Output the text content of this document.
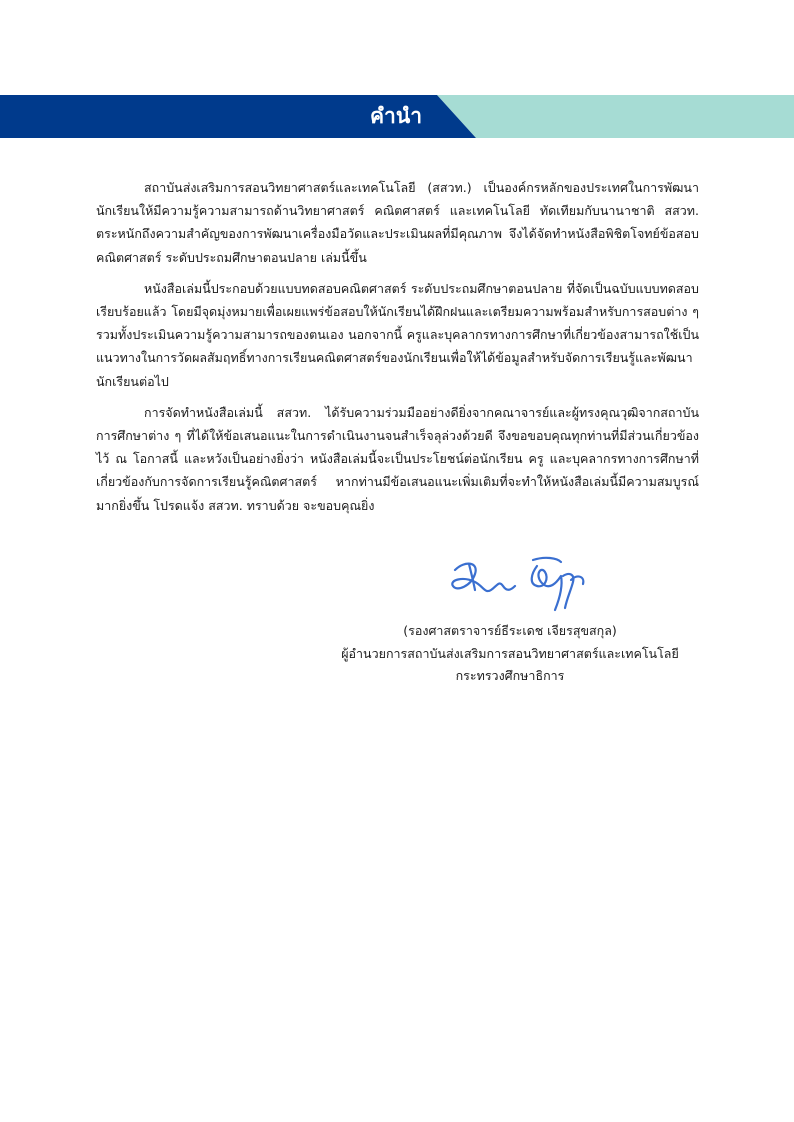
คำนำ

สถาบันส่งเสริมการสอนวิทยาศาสตร์และเทคโนโลยี (สสวท.) เป็นองค์กรหลักของประเทศในการพัฒนานักเรียนให้มีความรู้ความสามารถด้านวิทยาศาสตร์ คณิตศาสตร์ และเทคโนโลยี ทัดเทียมกับนานาชาติ สสวท. ตระหนักถึงความสำคัญของการพัฒนาเครื่องมือวัดและประเมินผลที่มีคุณภาพ จึงได้จัดทำหนังสือพิชิตโจทย์ข้อสอบคณิตศาสตร์ ระดับประถมศึกษาตอนปลาย เล่มนี้ขึ้น

หนังสือเล่มนี้ประกอบด้วยแบบทดสอบคณิตศาสตร์ ระดับประถมศึกษาตอนปลาย ที่จัดเป็นฉบับแบบทดสอบเรียบร้อยแล้ว โดยมีจุดมุ่งหมายเพื่อเผยแพร่ข้อสอบให้นักเรียนได้ฝึกฝนและเตรียมความพร้อมสำหรับการสอบต่าง ๆ รวมทั้งประเมินความรู้ความสามารถของตนเอง นอกจากนี้ ครูและบุคลากรทางการศึกษาที่เกี่ยวข้องสามารถใช้เป็นแนวทางในการวัดผลสัมฤทธิ์ทางการเรียนคณิตศาสตร์ของนักเรียนเพื่อให้ได้ข้อมูลสำหรับจัดการเรียนรู้และพัฒนานักเรียนต่อไป

การจัดทำหนังสือเล่มนี้ สสวท. ได้รับความร่วมมืออย่างดียิ่งจากคณาจารย์และผู้ทรงคุณวุฒิจากสถาบันการศึกษาต่าง ๆ ที่ได้ให้ข้อเสนอแนะในการดำเนินงานจนสำเร็จลุล่วงด้วยดี จึงขอขอบคุณทุกท่านที่มีส่วนเกี่ยวข้องไว้ ณ โอกาสนี้ และหวังเป็นอย่างยิ่งว่า หนังสือเล่มนี้จะเป็นประโยชน์ต่อนักเรียน ครู และบุคลากรทางการศึกษาที่เกี่ยวข้องกับการจัดการเรียนรู้คณิตศาสตร์ หากท่านมีข้อเสนอแนะเพิ่มเติมที่จะทำให้หนังสือเล่มนี้มีความสมบูรณ์มากยิ่งขึ้น โปรดแจ้ง สสวท. ทราบด้วย จะขอบคุณยิ่ง

(รองศาสตราจารย์ธีระเดช เจียรสุขสกุล)
ผู้อำนวยการสถาบันส่งเสริมการสอนวิทยาศาสตร์และเทคโนโลยี
กระทรวงศึกษาธิการ
